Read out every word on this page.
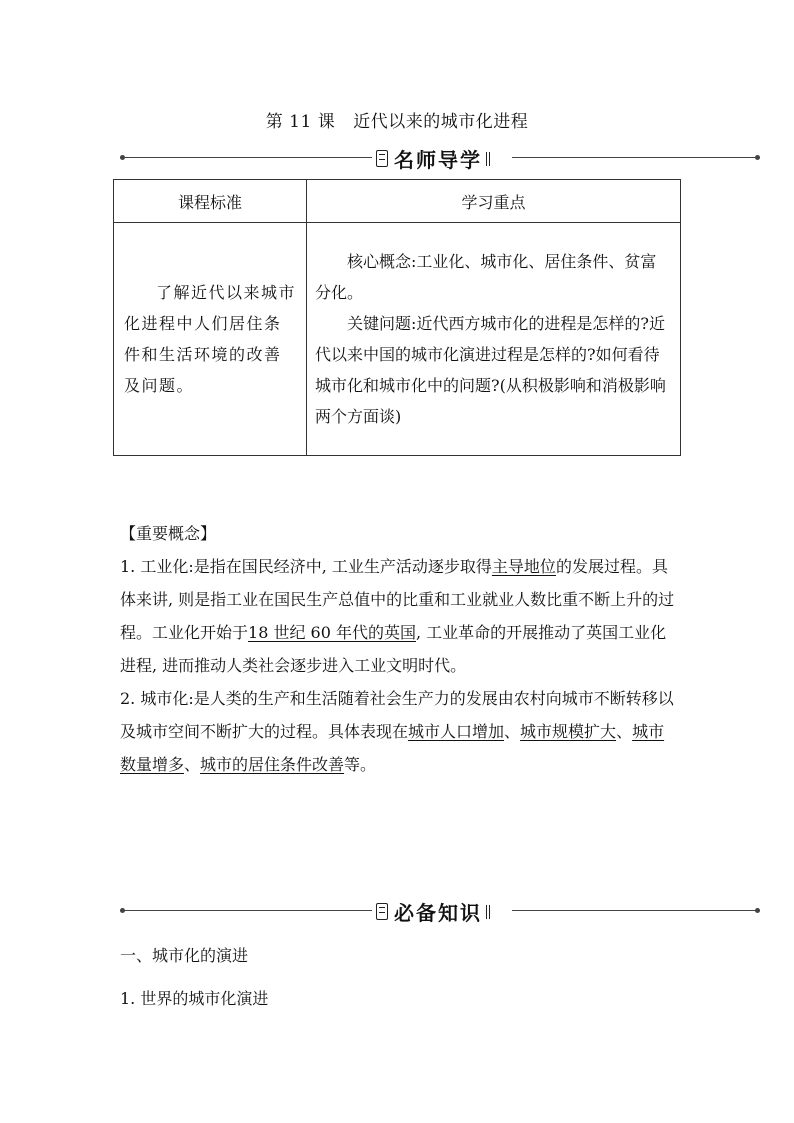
第 11 课 近代以来的城市化进程
名师导学
课程标准	学习重点
了解近代以来城市化进程中人们居住条件和生活环境的改善及问题。	核心概念:工业化、城市化、居住条件、贫富分化。

关键问题:近代西方城市化的进程是怎样的?近代以来中国的城市化演进过程是怎样的?如何看待城市化和城市化中的问题?(从积极影响和消极影响两个方面谈)

【重要概念】

1. 工业化:是指在国民经济中, 工业生产活动逐步取得主导地位的发展过程。具体来讲, 则是指工业在国民生产总值中的比重和工业就业人数比重不断上升的过程。工业化开始于18 世纪 60 年代的英国, 工业革命的开展推动了英国工业化进程, 进而推动人类社会逐步进入工业文明时代。

2. 城市化:是人类的生产和生活随着社会生产力的发展由农村向城市不断转移以及城市空间不断扩大的过程。具体表现在城市人口增加、城市规模扩大、城市数量增多、城市的居住条件改善等。

必备知识
一、城市化的演进
1. 世界的城市化演进
